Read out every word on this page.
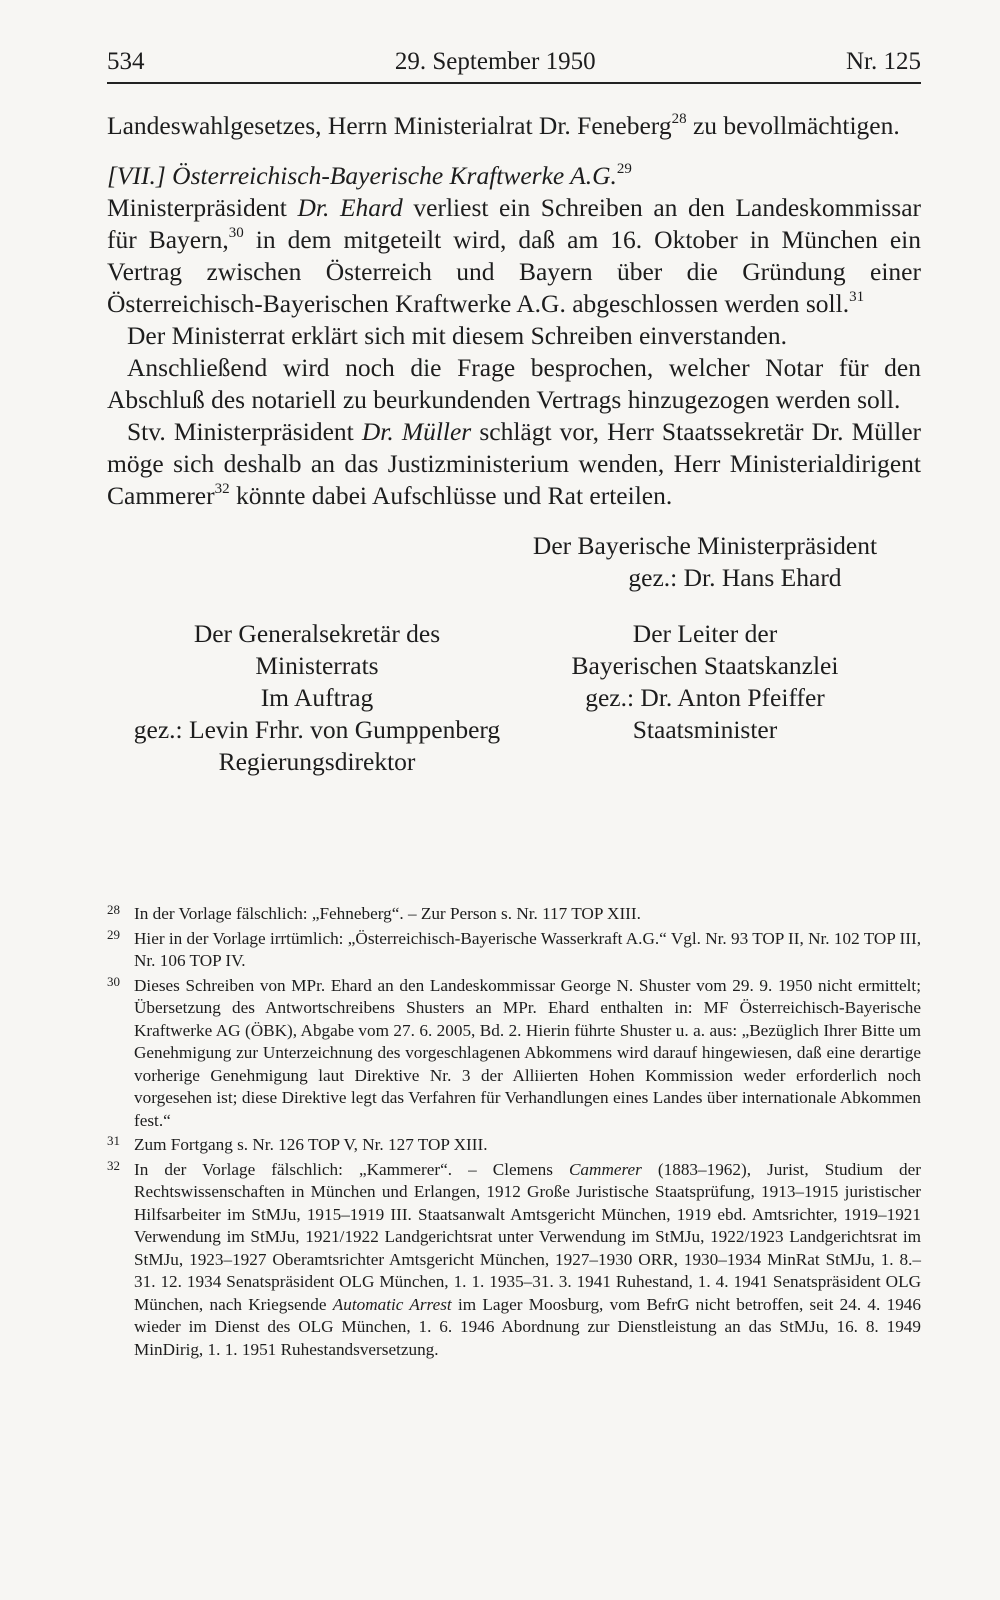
534	29. September 1950	Nr. 125

Landeswahlgesetzes, Herrn Ministerialrat Dr. Feneberg$^{28}$ zu bevollmächtigen.

[VII.] Österreichisch-Bayerische Kraftwerke A.G.$^{29}$

Ministerpräsident Dr. Ehard verliest ein Schreiben an den Landeskommissar für Bayern,$^{30}$ in dem mitgeteilt wird, daß am 16. Oktober in München ein Vertrag zwischen Österreich und Bayern über die Gründung einer Österreichisch-Bayerischen Kraftwerke A.G. abgeschlossen werden soll.$^{31}$

Der Ministerrat erklärt sich mit diesem Schreiben einverstanden.

Anschließend wird noch die Frage besprochen, welcher Notar für den Abschluß des notariell zu beurkundenden Vertrags hinzugezogen werden soll.

Stv. Ministerpräsident Dr. Müller schlägt vor, Herr Staatssekretär Dr. Müller möge sich deshalb an das Justizministerium wenden, Herr Ministerialdirigent Cammerer$^{32}$ könnte dabei Aufschlüsse und Rat erteilen.

Der Bayerische Ministerpräsident
gez.: Dr. Hans Ehard
Der Generalsekretär des
Ministerrats
Im Auftrag
gez.: Levin Frhr. von Gumppenberg
Regierungsdirektor
Der Leiter der
Bayerischen Staatskanzlei
gez.: Dr. Anton Pfeiffer
Staatsminister
28 In der Vorlage fälschlich: „Fehneberg“. – Zur Person s. Nr. 117 TOP XIII.
29 Hier in der Vorlage irrtümlich: „Österreichisch-Bayerische Wasserkraft A.G.“ Vgl. Nr. 93 TOP II, Nr. 102 TOP III, Nr. 106 TOP IV.
30 Dieses Schreiben von MPr. Ehard an den Landeskommissar George N. Shuster vom 29. 9. 1950 nicht ermittelt; Übersetzung des Antwortschreibens Shusters an MPr. Ehard enthalten in: MF Österreichisch-Bayerische Kraftwerke AG (ÖBK), Abgabe vom 27. 6. 2005, Bd. 2. Hierin führte Shuster u. a. aus: „Bezüglich Ihrer Bitte um Genehmigung zur Unterzeichnung des vorgeschlagenen Abkommens wird darauf hingewiesen, daß eine derartige vorherige Genehmigung laut Direktive Nr. 3 der Alliierten Hohen Kommission weder erforderlich noch vorgesehen ist; diese Direktive legt das Verfahren für Verhandlungen eines Landes über internationale Abkommen fest.“
31 Zum Fortgang s. Nr. 126 TOP V, Nr. 127 TOP XIII.
32 In der Vorlage fälschlich: „Kammerer“. – Clemens Cammerer (1883–1962), Jurist, Studium der Rechtswissenschaften in München und Erlangen, 1912 Große Juristische Staatsprüfung, 1913–1915 juristischer Hilfsarbeiter im StMJu, 1915–1919 III. Staatsanwalt Amtsgericht München, 1919 ebd. Amtsrichter, 1919–1921 Verwendung im StMJu, 1921/1922 Landgerichtsrat unter Verwendung im StMJu, 1922/1923 Landgerichtsrat im StMJu, 1923–1927 Oberamtsrichter Amtsgericht München, 1927–1930 ORR, 1930–1934 MinRat StMJu, 1. 8.–31. 12. 1934 Senatspräsident OLG München, 1. 1. 1935–31. 3. 1941 Ruhestand, 1. 4. 1941 Senatspräsident OLG München, nach Kriegsende Automatic Arrest im Lager Moosburg, vom BefrG nicht betroffen, seit 24. 4. 1946 wieder im Dienst des OLG München, 1. 6. 1946 Abordnung zur Dienstleistung an das StMJu, 16. 8. 1949 MinDirig, 1. 1. 1951 Ruhestandsversetzung.
